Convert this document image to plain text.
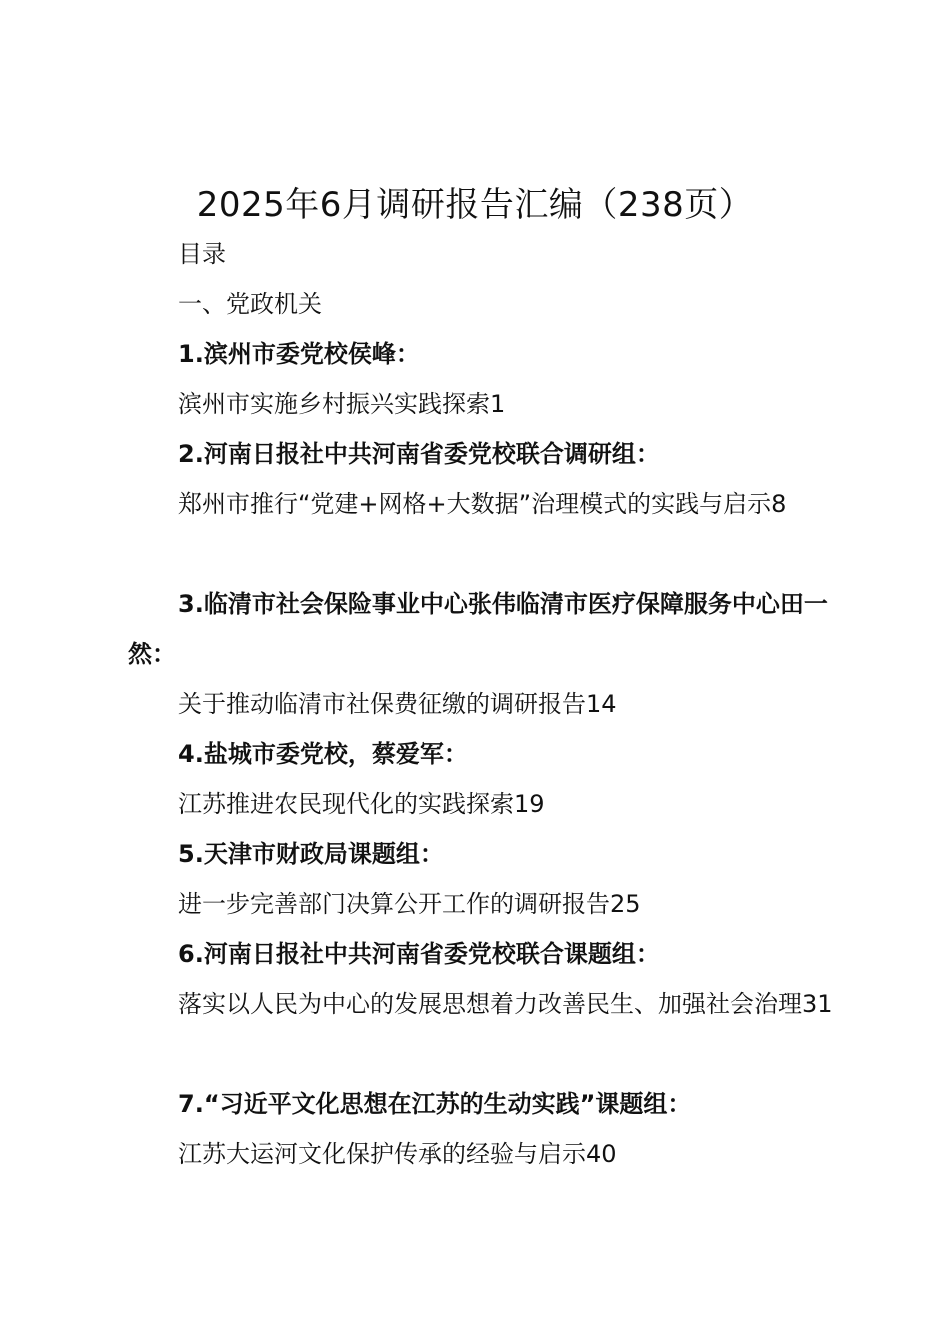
2025年6月调研报告汇编（238页）
目录
一、党政机关
1.滨州市委党校侯峰：
滨州市实施乡村振兴实践探索1
2.河南日报社中共河南省委党校联合调研组：
郑州市推行“党建+网格+大数据”治理模式的实践与启示8
3.临清市社会保险事业中心张伟临清市医疗保障服务中心田一然：
关于推动临清市社保费征缴的调研报告14
4.盐城市委党校，蔡爱军：
江苏推进农民现代化的实践探索19
5.天津市财政局课题组：
进一步完善部门决算公开工作的调研报告25
6.河南日报社中共河南省委党校联合课题组：
落实以人民为中心的发展思想着力改善民生、加强社会治理31
7.“习近平文化思想在江苏的生动实践”课题组：
江苏大运河文化保护传承的经验与启示40
